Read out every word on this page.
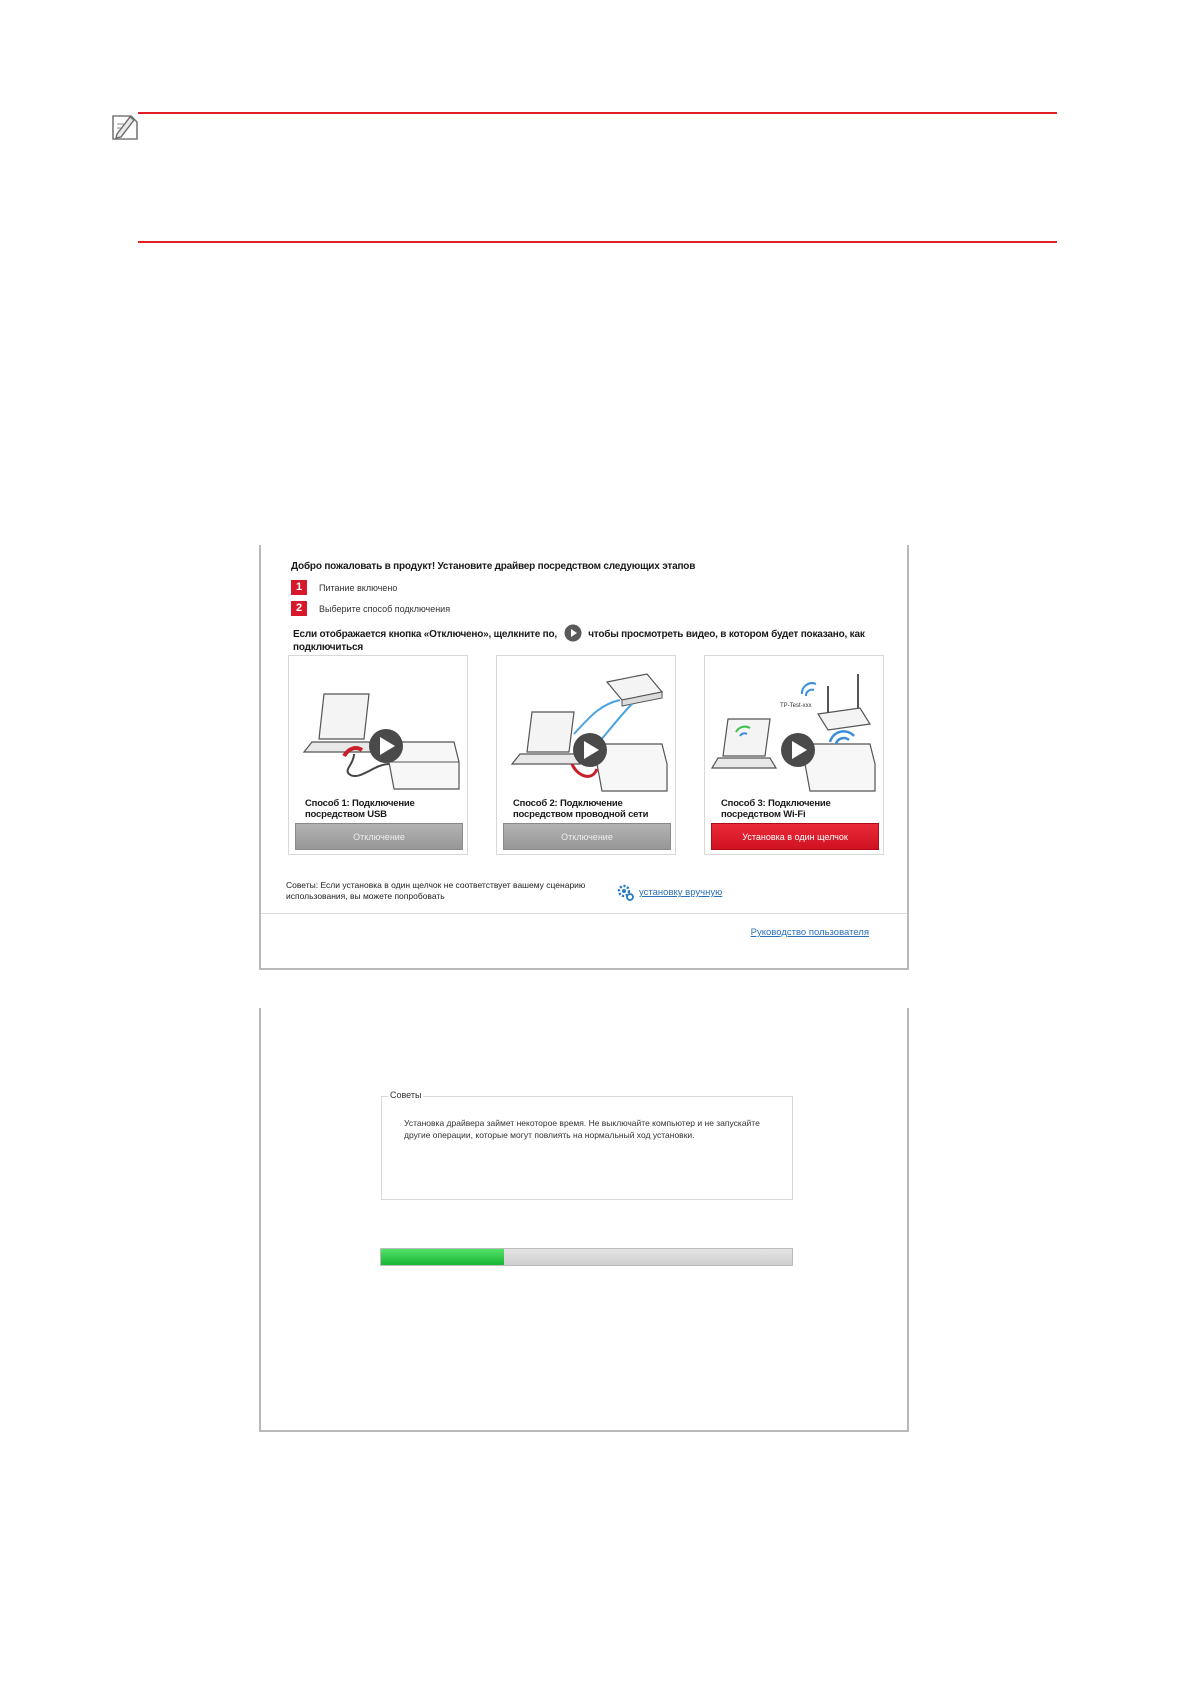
Добро пожаловать в продукт! Установите драйвер посредством следующих этапов
1	Питание включено
2	Выберите способ подключения
Если отображается кнопка «Отключено», щелкните по,	чтобы просмотреть видео, в котором будет показано, как подключиться
Способ 1: Подключение посредством USB
Отключение
Способ 2: Подключение посредством проводной сети
Отключение
TP-Test-xxx
Способ 3: Подключение посредством Wi-Fi
Установка в один щелчок
Советы: Если установка в один щелчок не соответствует вашему сценарию использования, вы можете попробовать	установку вручную
Руководство пользователя
Советы
Установка драйвера займет некоторое время. Не выключайте компьютер и не запускайте другие операции, которые могут повлиять на нормальный ход установки.
